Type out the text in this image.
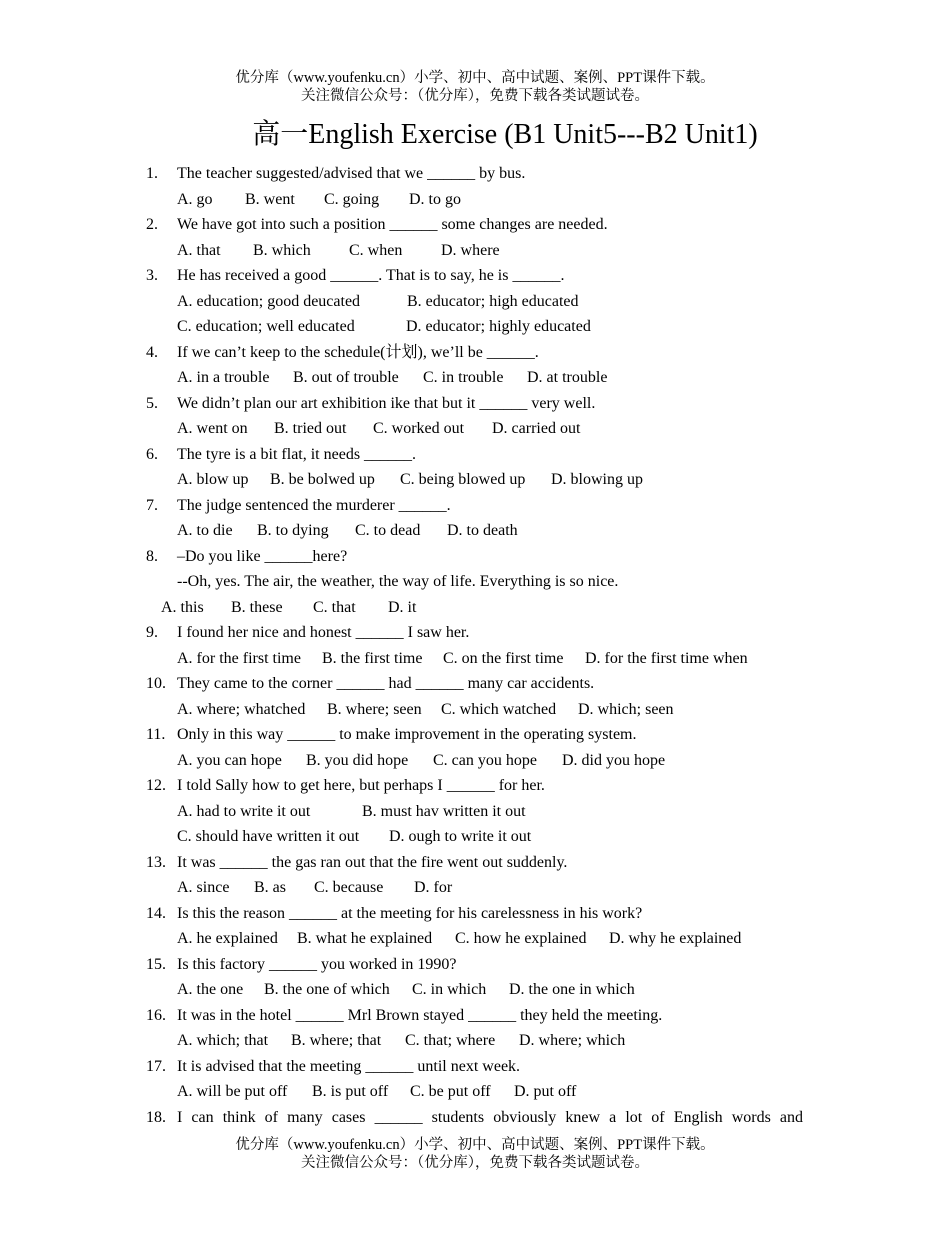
优分库（www.youfenku.cn）小学、初中、高中试题、案例、PPT课件下载。
关注微信公众号：（优分库），免费下载各类试题试卷。
高一English Exercise (B1 Unit5---B2 Unit1)
1. The teacher suggested/advised that we ______ by bus.
A. go B. went C. going D. to go
2. We have got into such a position ______ some changes are needed.
A. that B. which C. when D. where
3. He has received a good ______. That is to say, he is ______.
A. education; good deucated	B. educator; high educated
C. education; well educated	D. educator; highly educated
4. If we can’t keep to the schedule(计划), we’ll be ______.
A. in a trouble B. out of trouble C. in trouble D. at trouble
5. We didn’t plan our art exhibition ike that but it ______ very well.
A. went on B. tried out C. worked out D. carried out
6. The tyre is a bit flat, it needs ______.
A. blow up B. be bolwed up C. being blowed up D. blowing up
7. The judge sentenced the murderer ______.
A. to die B. to dying C. to dead D. to death
8. –Do you like ______here?
--Oh, yes. The air, the weather, the way of life. Everything is so nice.
A. this B. these C. that D. it
9. I found her nice and honest ______ I saw her.
A. for the first time B. the first time C. on the first time D. for the first time when
10. They came to the corner ______ had ______ many car accidents.
A. where; whatched B. where; seen C. which watched D. which; seen
11. Only in this way ______ to make improvement in the operating system.
A. you can hope B. you did hope C. can you hope D. did you hope
12. I told Sally how to get here, but perhaps I ______ for her.
A. had to write it out	B. must hav written it out
C. should have written it out D. ough to write it out
13. It was ______ the gas ran out that the fire went out suddenly.
A. since B. as C. because D. for
14. Is this the reason ______ at the meeting for his carelessness in his work?
A. he explained B. what he explained C. how he explained D. why he explained
15. Is this factory ______ you worked in 1990?
A. the one B. the one of which C. in which D. the one in which
16. It was in the hotel ______ Mrl Brown stayed ______ they held the meeting.
A. which; that B. where; that C. that; where D. where; which
17. It is advised that the meeting ______ until next week.
A. will be put off B. is put off C. be put off D. put off
18. I can think of many cases ______ students obviously knew a lot of English words and
优分库（www.youfenku.cn）小学、初中、高中试题、案例、PPT课件下载。
关注微信公众号：（优分库），免费下载各类试题试卷。
